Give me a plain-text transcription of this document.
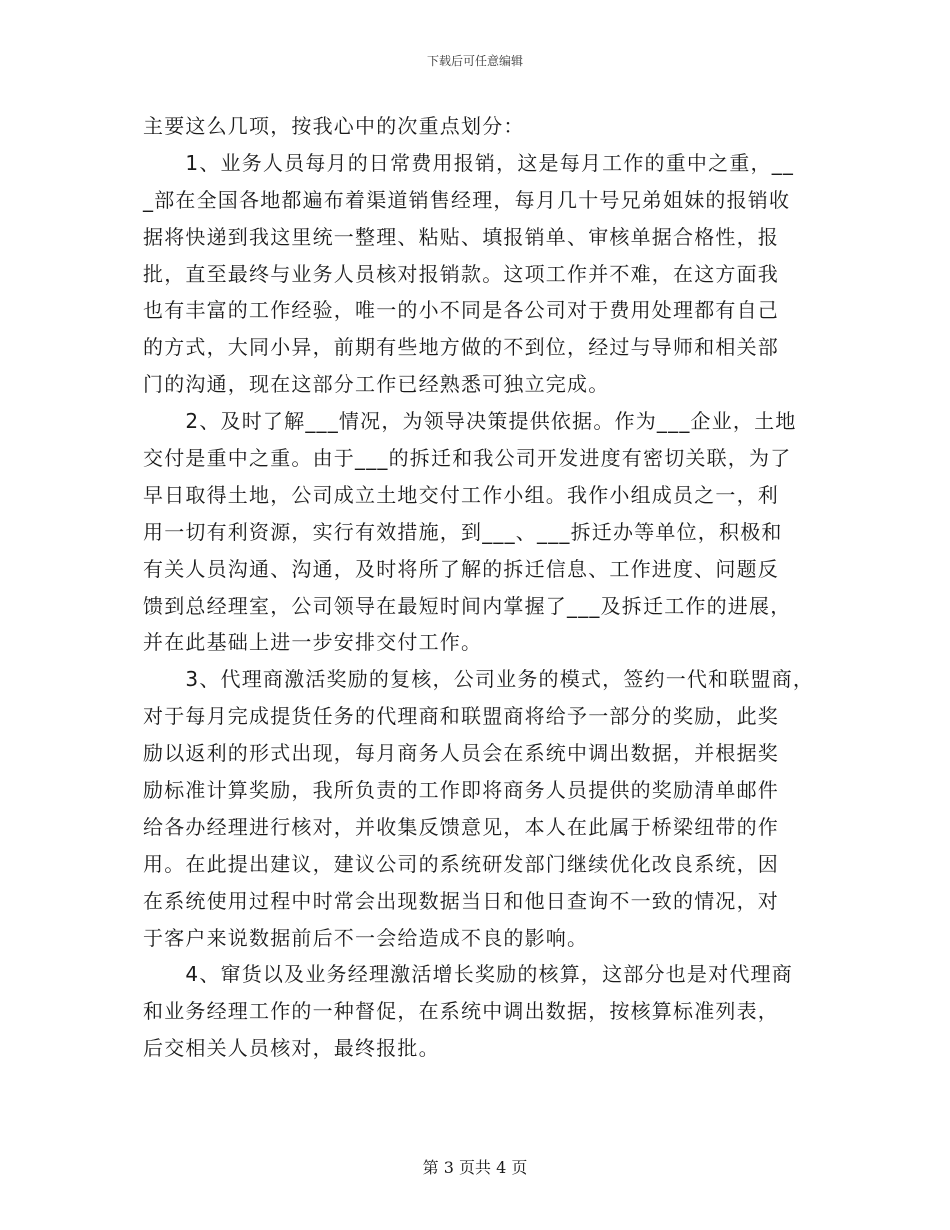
下载后可任意编辑
主要这么几项，按我心中的次重点划分：
　　1、业务人员每月的日常费用报销，这是每月工作的重中之重，__
_部在全国各地都遍布着渠道销售经理，每月几十号兄弟姐妹的报销收
据将快递到我这里统一整理、粘贴、填报销单、审核单据合格性，报
批，直至最终与业务人员核对报销款。这项工作并不难，在这方面我
也有丰富的工作经验，唯一的小不同是各公司对于费用处理都有自己
的方式，大同小异，前期有些地方做的不到位，经过与导师和相关部
门的沟通，现在这部分工作已经熟悉可独立完成。
　　2、及时了解___情况，为领导决策提供依据。作为___企业，土地
交付是重中之重。由于___的拆迁和我公司开发进度有密切关联，为了
早日取得土地，公司成立土地交付工作小组。我作小组成员之一，利
用一切有利资源，实行有效措施，到___、___拆迁办等单位，积极和
有关人员沟通、沟通，及时将所了解的拆迁信息、工作进度、问题反
馈到总经理室，公司领导在最短时间内掌握了___及拆迁工作的进展，
并在此基础上进一步安排交付工作。
　　3、代理商激活奖励的复核，公司业务的模式，签约一代和联盟商，
对于每月完成提货任务的代理商和联盟商将给予一部分的奖励，此奖
励以返利的形式出现，每月商务人员会在系统中调出数据，并根据奖
励标准计算奖励，我所负责的工作即将商务人员提供的奖励清单邮件
给各办经理进行核对，并收集反馈意见，本人在此属于桥梁纽带的作
用。在此提出建议，建议公司的系统研发部门继续优化改良系统，因
在系统使用过程中时常会出现数据当日和他日查询不一致的情况，对
于客户来说数据前后不一会给造成不良的影响。
　　4、窜货以及业务经理激活增长奖励的核算，这部分也是对代理商
和业务经理工作的一种督促，在系统中调出数据，按核算标准列表，
后交相关人员核对，最终报批。
第 3 页共 4 页
